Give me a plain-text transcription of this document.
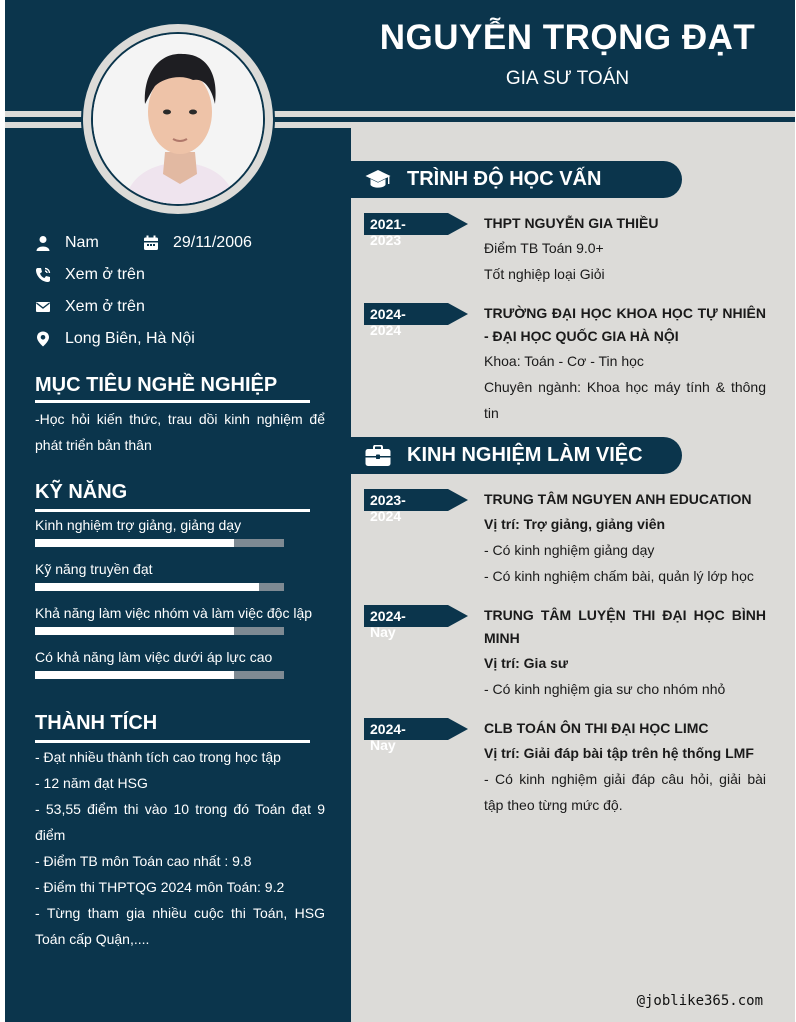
NGUYỄN TRỌNG ĐẠT
GIA SƯ TOÁN
Nam	29/11/2006
Xem ở trên
Xem ở trên
Long Biên, Hà Nội
MỤC TIÊU NGHỀ NGHIỆP
-Học hỏi kiến thức, trau dồi kinh nghiệm để phát triển bản thân
KỸ NĂNG
Kinh nghiệm trợ giảng, giảng dạy
Kỹ năng truyền đạt
Khả năng làm việc nhóm và làm việc độc lập
Có khả năng làm việc dưới áp lực cao
THÀNH TÍCH
- Đạt nhiều thành tích cao trong học tập
- 12 năm đạt HSG
- 53,55 điểm thi vào 10 trong đó Toán đạt 9 điểm
- Điểm TB môn Toán cao nhất : 9.8
- Điểm thi THPTQG 2024 môn Toán: 9.2
- Từng tham gia nhiều cuộc thi Toán, HSG Toán cấp Quận,....
TRÌNH ĐỘ HỌC VẤN
2021-2023
THPT NGUYỄN GIA THIỀU
Điểm TB Toán 9.0+
Tốt nghiệp loại Giỏi
2024-2024
TRƯỜNG ĐẠI HỌC KHOA HỌC TỰ NHIÊN - ĐẠI HỌC QUỐC GIA HÀ NỘI
Khoa: Toán - Cơ - Tin học
Chuyên ngành: Khoa học máy tính & thông tin
KINH NGHIỆM LÀM VIỆC
2023-2024
TRUNG TÂM NGUYEN ANH EDUCATION
Vị trí: Trợ giảng, giảng viên
- Có kinh nghiệm giảng dạy
- Có kinh nghiệm chấm bài, quản lý lớp học
2024-Nay
TRUNG TÂM LUYỆN THI ĐẠI HỌC BÌNH MINH
Vị trí: Gia sư
- Có kinh nghiệm gia sư cho nhóm nhỏ
2024-Nay
CLB TOÁN ÔN THI ĐẠI HỌC LIMC
Vị trí: Giải đáp bài tập trên hệ thống LMF
- Có kinh nghiệm giải đáp câu hỏi, giải bài tập theo từng mức độ.
@joblike365.com
